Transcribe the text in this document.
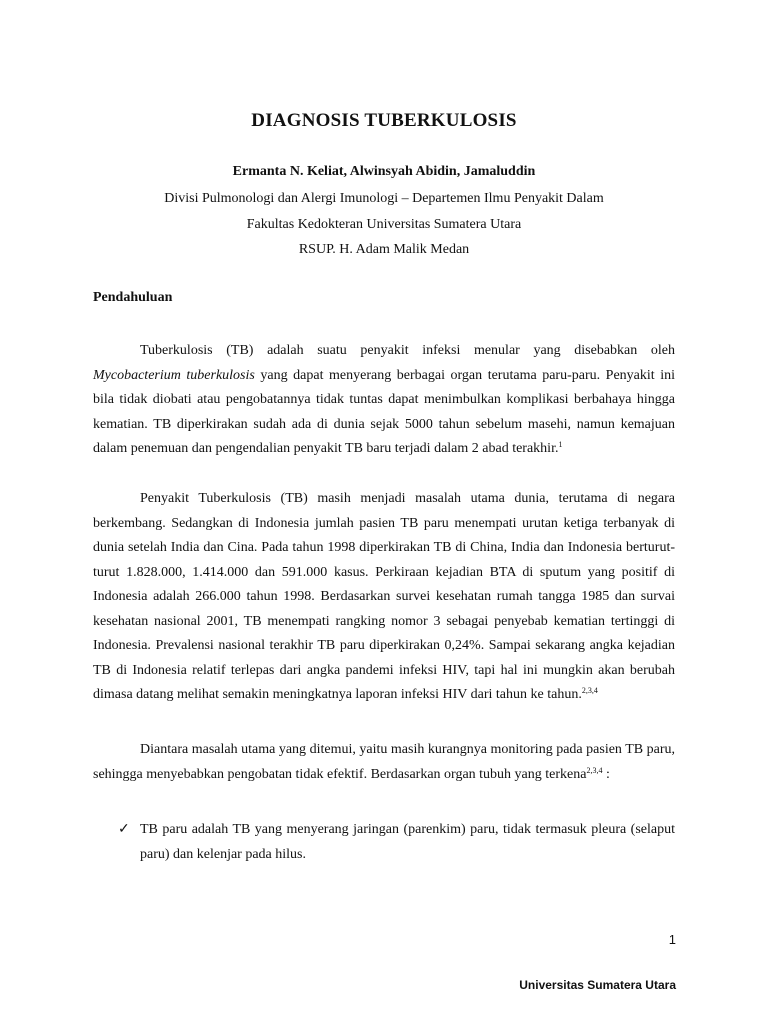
DIAGNOSIS TUBERKULOSIS
Ermanta N. Keliat, Alwinsyah Abidin, Jamaluddin
Divisi Pulmonologi dan Alergi Imunologi – Departemen Ilmu Penyakit Dalam
Fakultas Kedokteran Universitas Sumatera Utara
RSUP. H. Adam Malik Medan
Pendahuluan

Tuberkulosis (TB) adalah suatu penyakit infeksi menular yang disebabkan oleh Mycobacterium tuberkulosis yang dapat menyerang berbagai organ terutama paru-paru. Penyakit ini bila tidak diobati atau pengobatannya tidak tuntas dapat menimbulkan komplikasi berbahaya hingga kematian. TB diperkirakan sudah ada di dunia sejak 5000 tahun sebelum masehi, namun kemajuan dalam penemuan dan pengendalian penyakit TB baru terjadi dalam 2 abad terakhir.$^1$

Penyakit Tuberkulosis (TB) masih menjadi masalah utama dunia, terutama di negara berkembang. Sedangkan di Indonesia jumlah pasien TB paru menempati urutan ketiga terbanyak di dunia setelah India dan Cina. Pada tahun 1998 diperkirakan TB di China, India dan Indonesia berturut-turut 1.828.000, 1.414.000 dan 591.000 kasus. Perkiraan kejadian BTA di sputum yang positif di Indonesia adalah 266.000 tahun 1998. Berdasarkan survei kesehatan rumah tangga 1985 dan survai kesehatan nasional 2001, TB menempati rangking nomor 3 sebagai penyebab kematian tertinggi di Indonesia. Prevalensi nasional terakhir TB paru diperkirakan 0,24%. Sampai sekarang angka kejadian TB di Indonesia relatif terlepas dari angka pandemi infeksi HIV, tapi hal ini mungkin akan berubah dimasa datang melihat semakin meningkatnya laporan infeksi HIV dari tahun ke tahun.$^{2,3,4}$

Diantara masalah utama yang ditemui, yaitu masih kurangnya monitoring pada pasien TB paru, sehingga menyebabkan pengobatan tidak efektif. Berdasarkan organ tubuh yang terkena$^{2,3,4}$ :

✓ TB paru adalah TB yang menyerang jaringan (parenkim) paru, tidak termasuk pleura (selaput paru) dan kelenjar pada hilus.

1
Universitas Sumatera Utara
